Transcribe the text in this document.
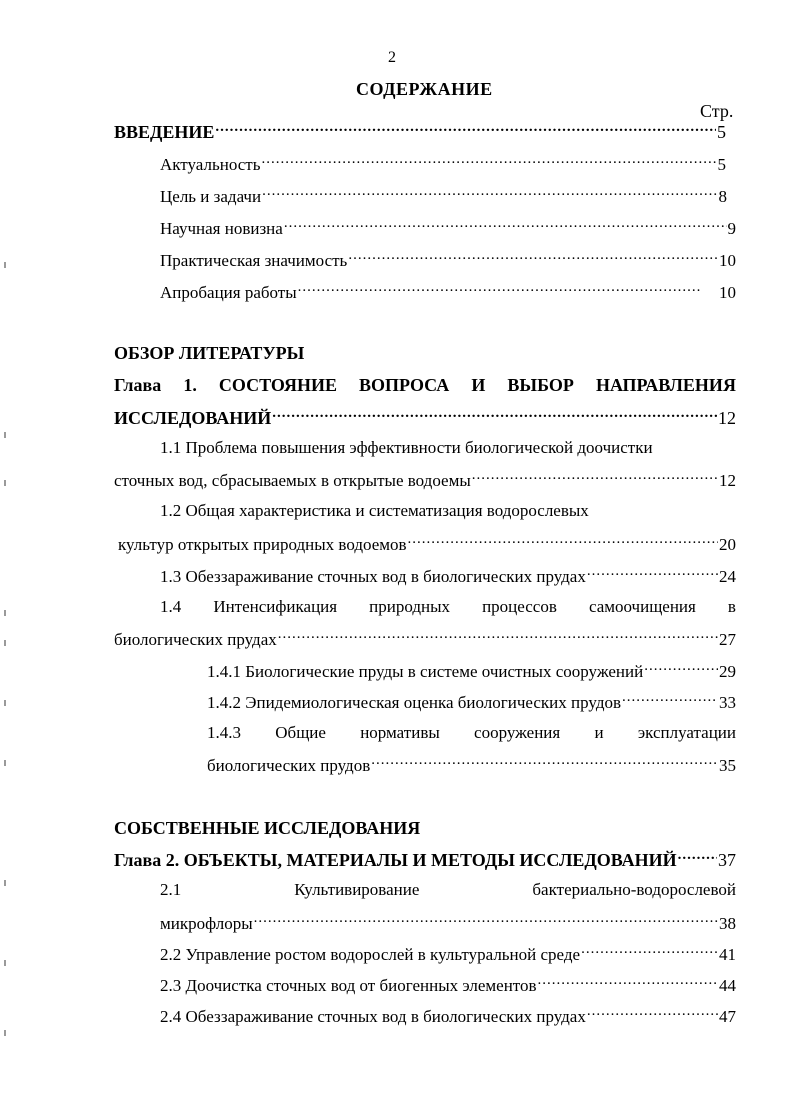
2
СОДЕРЖАНИЕ
Стр.
ВВЕДЕНИЕ .....	5
Актуальность .....	5
Цель и задачи .....	8
Научная новизна .....	9
Практическая значимость .....	10
Апробация работы .....	10
ОБЗОР ЛИТЕРАТУРЫ
Глава 1. СОСТОЯНИЕ ВОПРОСА И ВЫБОР НАПРАВЛЕНИЯ
ИССЛЕДОВАНИЙ .....	12
1.1 Проблема повышения эффективности биологической доочистки
сточных вод, сбрасываемых в открытые водоемы .....	12
1.2 Общая характеристика и систематизация водорослевых
культур открытых природных водоемов .....	20
1.3 Обеззараживание сточных вод в биологических прудах .....	24
1.4 Интенсификация природных процессов самоочищения в
биологических прудах .....	27
1.4.1 Биологические пруды в системе очистных сооружений .....	29
1.4.2 Эпидемиологическая оценка биологических прудов .....	33
1.4.3 Общие нормативы сооружения и эксплуатации
биологических прудов .....	35
СОБСТВЕННЫЕ ИССЛЕДОВАНИЯ
Глава 2. ОБЪЕКТЫ, МАТЕРИАЛЫ И МЕТОДЫ ИССЛЕДОВАНИЙ ..... 37
2.1	Культивирование	бактериально-водорослевой
микрофлоры .....	38
2.2 Управление ростом водорослей в культуральной среде .....	41
2.3 Доочистка сточных вод от биогенных элементов .....	44
2.4 Обеззараживание сточных вод в биологических прудах .....	47
